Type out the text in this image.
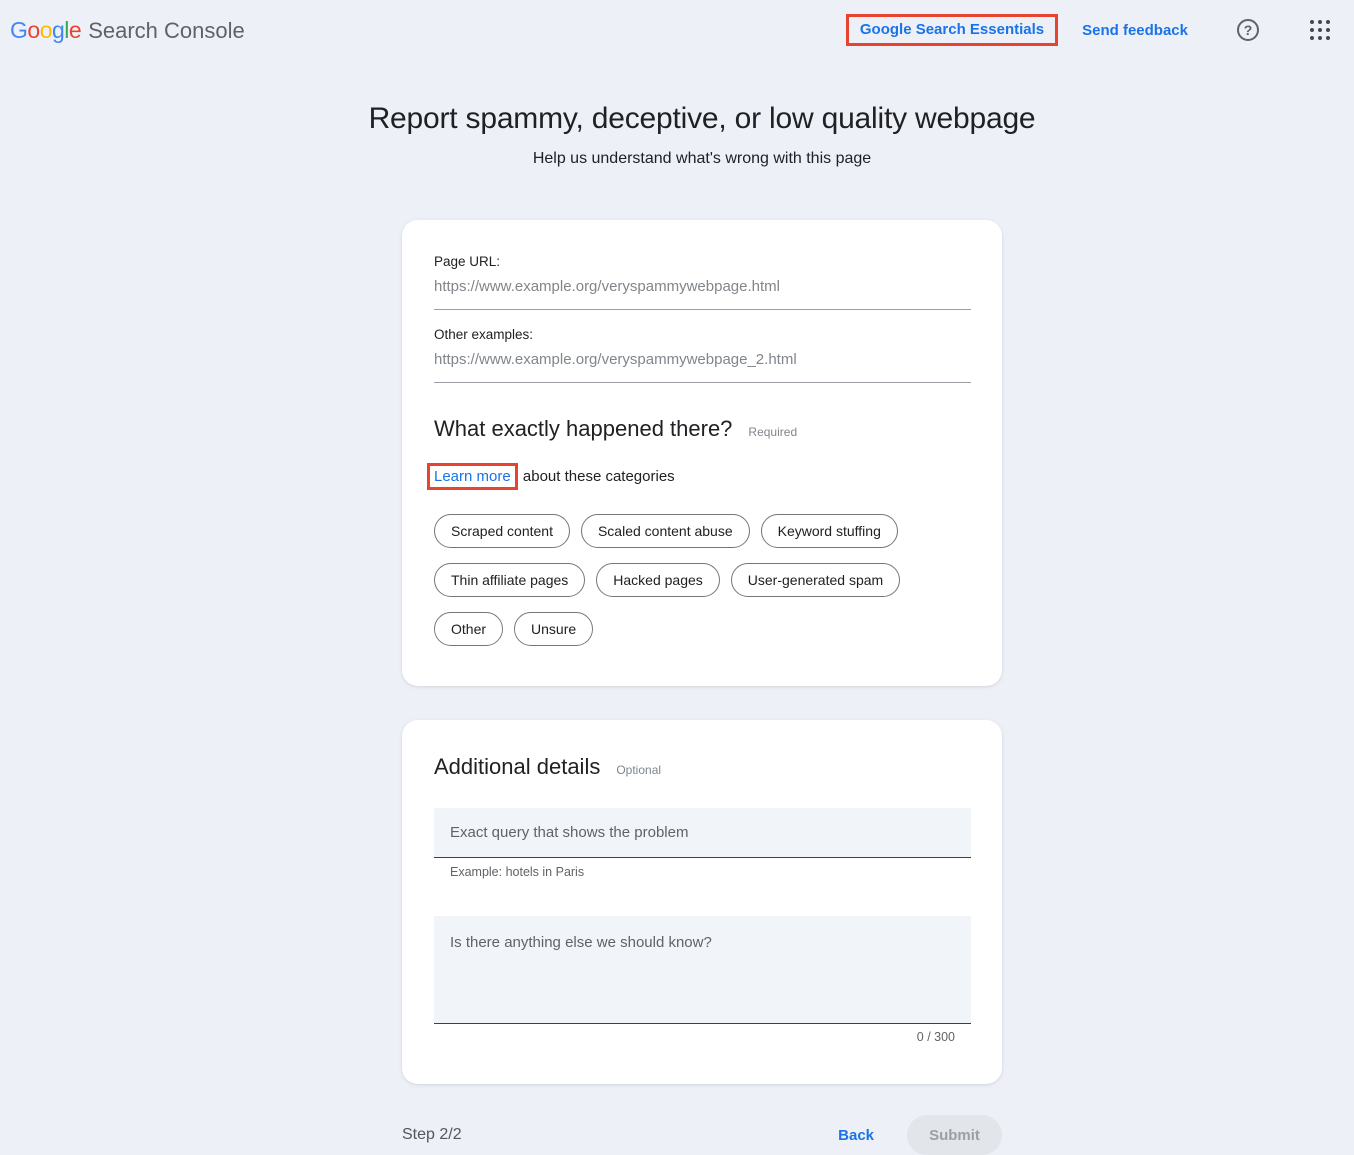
Google Search Console	Google Search Essentials	Send feedback	?
Report spammy, deceptive, or low quality webpage

Help us understand what's wrong with this page

Page URL:
https://www.example.org/veryspammywebpage.html
Other examples:
https://www.example.org/veryspammywebpage_2.html
What exactly happened there? Required

Learn more about these categories

Scraped content	Scaled content abuse	Keyword stuffing
Thin affiliate pages	Hacked pages	User-generated spam
Other	Unsure
Additional details Optional
Exact query that shows the problem
Example: hotels in Paris
Is there anything else we should know?
0 / 300
Step 2/2	Back	Submit
